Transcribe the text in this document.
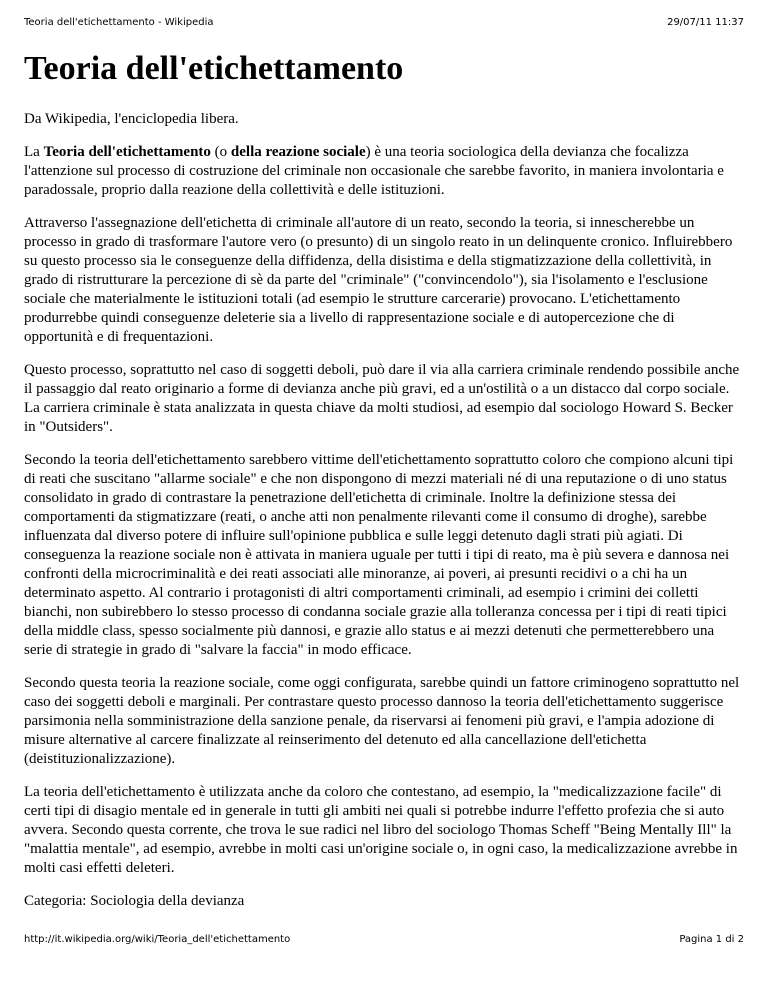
Teoria dell'etichettamento - Wikipedia	29/07/11 11:37
Teoria dell'etichettamento

Da Wikipedia, l'enciclopedia libera.

La Teoria dell'etichettamento (o della reazione sociale) è una teoria sociologica della devianza che focalizza l'attenzione sul processo di costruzione del criminale non occasionale che sarebbe favorito, in maniera involontaria e paradossale, proprio dalla reazione della collettività e delle istituzioni.

Attraverso l'assegnazione dell'etichetta di criminale all'autore di un reato, secondo la teoria, si innescherebbe un processo in grado di trasformare l'autore vero (o presunto) di un singolo reato in un delinquente cronico. Influirebbero su questo processo sia le conseguenze della diffidenza, della disistima e della stigmatizzazione della collettività, in grado di ristrutturare la percezione di sè da parte del "criminale" ("convincendolo"), sia l'isolamento e l'esclusione sociale che materialmente le istituzioni totali (ad esempio le strutture carcerarie) provocano. L'etichettamento produrrebbe quindi conseguenze deleterie sia a livello di rappresentazione sociale e di autopercezione che di opportunità e di frequentazioni.

Questo processo, soprattutto nel caso di soggetti deboli, può dare il via alla carriera criminale rendendo possibile anche il passaggio dal reato originario a forme di devianza anche più gravi, ed a un'ostilità o a un distacco dal corpo sociale. La carriera criminale è stata analizzata in questa chiave da molti studiosi, ad esempio dal sociologo Howard S. Becker in "Outsiders".

Secondo la teoria dell'etichettamento sarebbero vittime dell'etichettamento soprattutto coloro che compiono alcuni tipi di reati che suscitano "allarme sociale" e che non dispongono di mezzi materiali né di una reputazione o di uno status consolidato in grado di contrastare la penetrazione dell'etichetta di criminale. Inoltre la definizione stessa dei comportamenti da stigmatizzare (reati, o anche atti non penalmente rilevanti come il consumo di droghe), sarebbe influenzata dal diverso potere di influire sull'opinione pubblica e sulle leggi detenuto dagli strati più agiati. Di conseguenza la reazione sociale non è attivata in maniera uguale per tutti i tipi di reato, ma è più severa e dannosa nei confronti della microcriminalità e dei reati associati alle minoranze, ai poveri, ai presunti recidivi o a chi ha un determinato aspetto. Al contrario i protagonisti di altri comportamenti criminali, ad esempio i crimini dei colletti bianchi, non subirebbero lo stesso processo di condanna sociale grazie alla tolleranza concessa per i tipi di reati tipici della middle class, spesso socialmente più dannosi, e grazie allo status e ai mezzi detenuti che permetterebbero una serie di strategie in grado di "salvare la faccia" in modo efficace.

Secondo questa teoria la reazione sociale, come oggi configurata, sarebbe quindi un fattore criminogeno soprattutto nel caso dei soggetti deboli e marginali. Per contrastare questo processo dannoso la teoria dell'etichettamento suggerisce parsimonia nella somministrazione della sanzione penale, da riservarsi ai fenomeni più gravi, e l'ampia adozione di misure alternative al carcere finalizzate al reinserimento del detenuto ed alla cancellazione dell'etichetta (deistituzionalizzazione).

La teoria dell'etichettamento è utilizzata anche da coloro che contestano, ad esempio, la "medicalizzazione facile" di certi tipi di disagio mentale ed in generale in tutti gli ambiti nei quali si potrebbe indurre l'effetto profezia che si auto avvera. Secondo questa corrente, che trova le sue radici nel libro del sociologo Thomas Scheff "Being Mentally Ill" la "malattia mentale", ad esempio, avrebbe in molti casi un'origine sociale o, in ogni caso, la medicalizzazione avrebbe in molti casi effetti deleteri.

Categoria: Sociologia della devianza

http://it.wikipedia.org/wiki/Teoria_dell'etichettamento	Pagina 1 di 2
